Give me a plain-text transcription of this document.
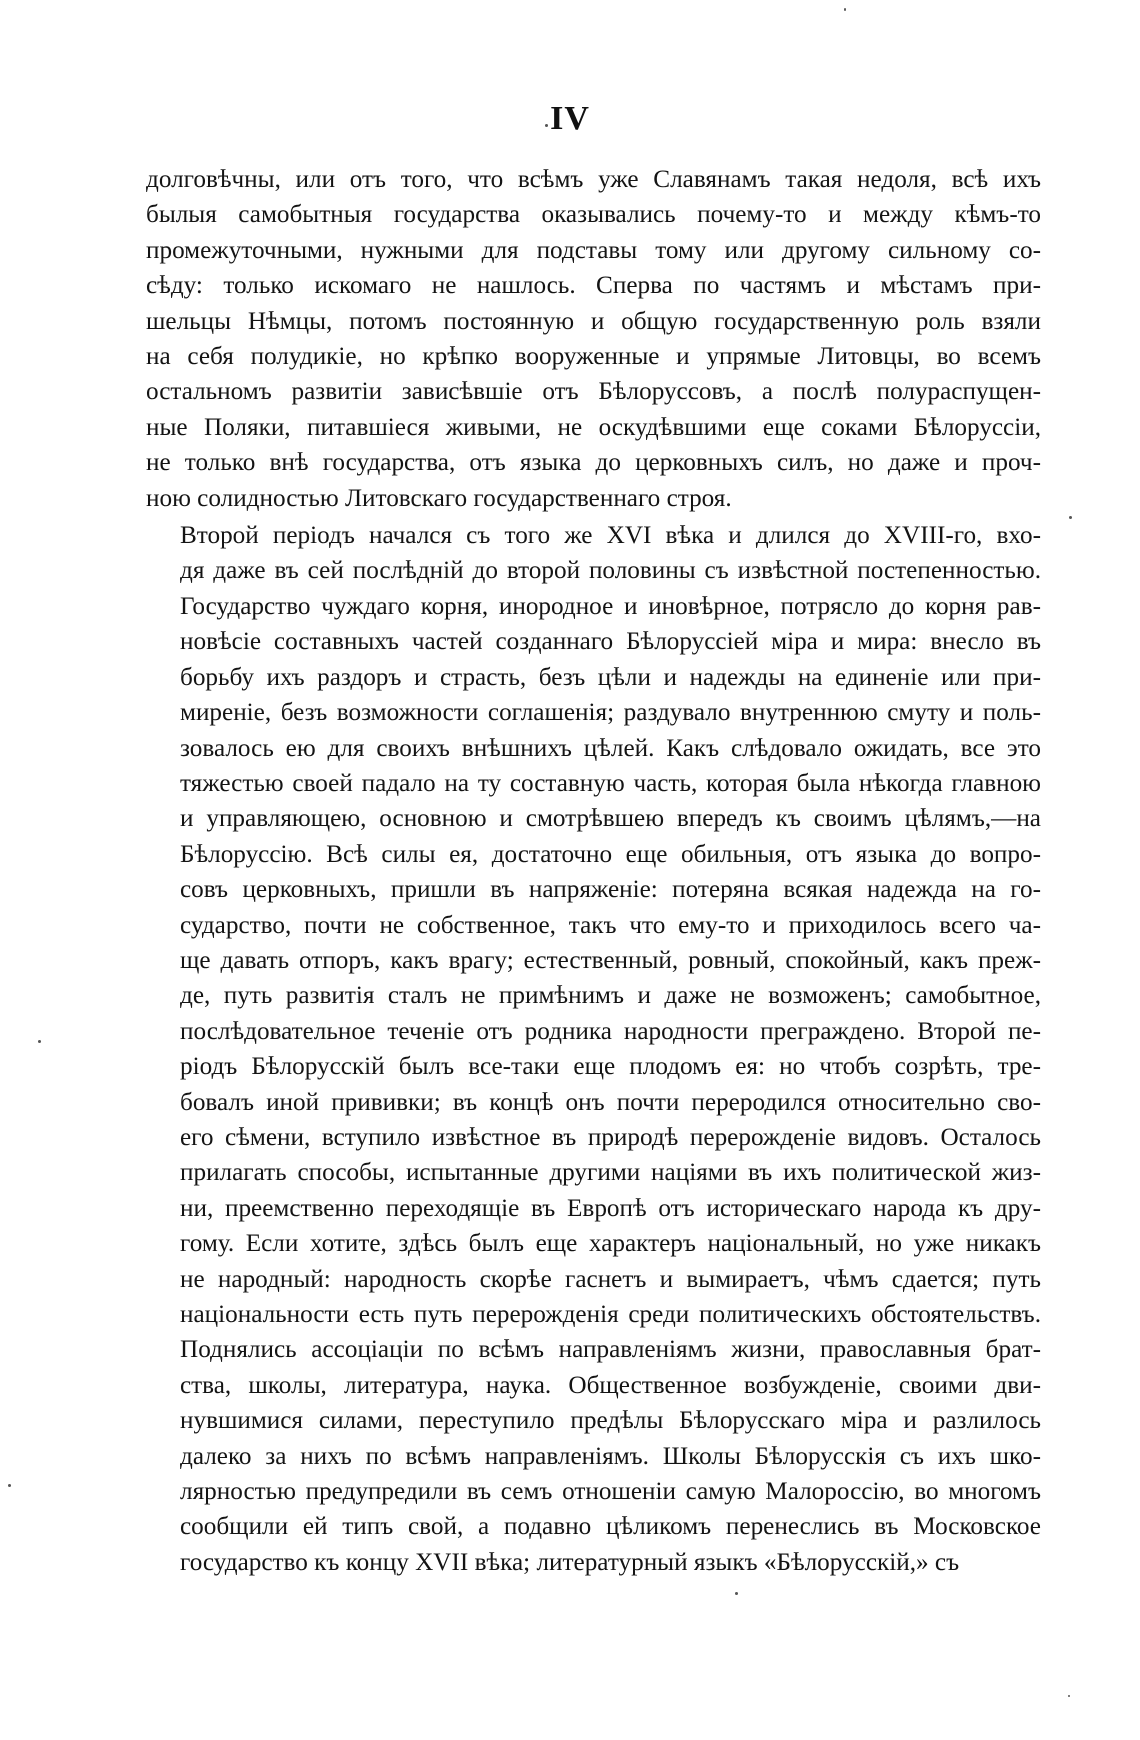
IV

долговѣчны, или отъ того, что всѣмъ уже Славянамъ такая недоля, всѣ ихъ
былыя самобытныя государства оказывались почему-то и между кѣмъ-то
промежуточными, нужными для подставы тому или другому сильному со-
сѣду: только искомаго не нашлось. Сперва по частямъ и мѣстамъ при-
шельцы Нѣмцы, потомъ постоянную и общую государственную роль взяли
на себя полудикіе, но крѣпко вооруженные и упрямые Литовцы, во всемъ
остальномъ развитіи зависѣвшіе отъ Бѣлоруссовъ, а послѣ полураспущен-
ные Поляки, питавшіеся живыми, не оскудѣвшими еще соками Бѣлоруссіи,
не только внѣ государства, отъ языка до церковныхъ силъ, но даже и проч-
ною солидностью Литовскаго государственнаго строя.

Второй періодъ начался съ того же XVI вѣка и длился до XVIII-го, вхо-
дя даже въ сей послѣдній до второй половины съ извѣстной постепенностью.
Государство чуждаго корня, инородное и иновѣрное, потрясло до корня рав-
новѣсіе составныхъ частей созданнаго Бѣлоруссіей міра и мира: внесло въ
борьбу ихъ раздоръ и страсть, безъ цѣли и надежды на единеніе или при-
миреніе, безъ возможности соглашенія; раздувало внутреннюю смуту и поль-
зовалось ею для своихъ внѣшнихъ цѣлей. Какъ слѣдовало ожидать, все это
тяжестью своей падало на ту составную часть, которая была нѣкогда главною
и управляющею, основною и смотрѣвшею впередъ къ своимъ цѣлямъ,—на
Бѣлоруссію. Всѣ силы ея, достаточно еще обильныя, отъ языка до вопро-
совъ церковныхъ, пришли въ напряженіе: потеряна всякая надежда на го-
сударство, почти не собственное, такъ что ему-то и приходилось всего ча-
ще давать отпоръ, какъ врагу; естественный, ровный, спокойный, какъ преж-
де, путь развитія сталъ не примѣнимъ и даже не возможенъ; самобытное,
послѣдовательное теченіе отъ родника народности преграждено. Второй пе-
ріодъ Бѣлорусскій былъ все-таки еще плодомъ ея: но чтобъ созрѣть, тре-
бовалъ иной прививки; въ концѣ онъ почти переродился относительно сво-
его сѣмени, вступило извѣстное въ природѣ перерожденіе видовъ. Осталось
прилагать способы, испытанные другими націями въ ихъ политической жиз-
ни, преемственно переходящіе въ Европѣ отъ историческаго народа къ дру-
гому. Если хотите, здѣсь былъ еще характеръ національный, но уже никакъ
не народный: народность скорѣе гаснетъ и вымираетъ, чѣмъ сдается; путь
національности есть путь перерожденія среди политическихъ обстоятельствъ.
Поднялись ассоціаціи по всѣмъ направленіямъ жизни, православныя брат-
ства, школы, литература, наука. Общественное возбужденіе, своими дви-
нувшимися силами, переступило предѣлы Бѣлорусскаго міра и разлилось
далеко за нихъ по всѣмъ направленіямъ. Школы Бѣлорусскія съ ихъ шко-
лярностью предупредили въ семъ отношеніи самую Малороссію, во многомъ
сообщили ей типъ свой, а подавно цѣликомъ перенеслись въ Московское
государство къ концу XVII вѣка; литературный языкъ «Бѣлорусскій,» съ
